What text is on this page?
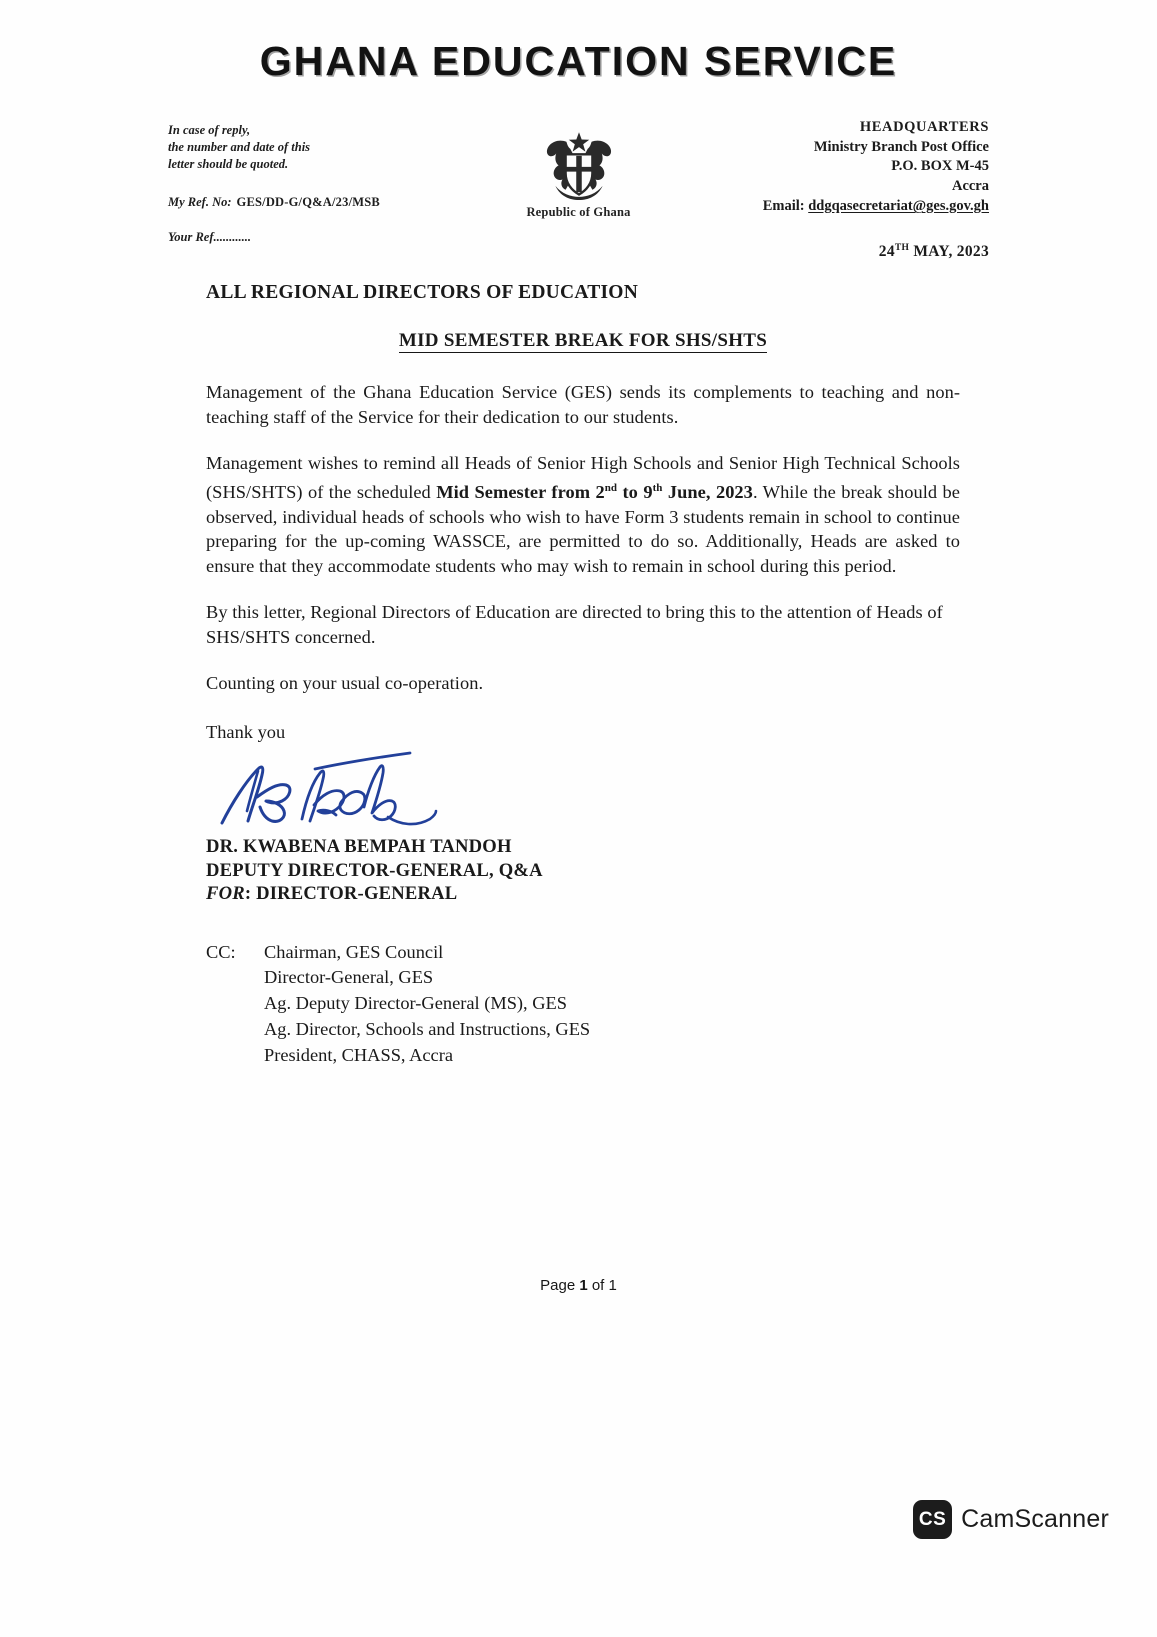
GHANA EDUCATION SERVICE
In case of reply,
the number and date of this
letter should be quoted.
My Ref. No: GES/DD-G/Q&A/23/MSB
Your Ref............
Republic of Ghana
HEADQUARTERS
Ministry Branch Post Office
P.O. BOX M-45
Accra
Email: ddgqasecretariat@ges.gov.gh
24TH MAY, 2023
ALL REGIONAL DIRECTORS OF EDUCATION
MID SEMESTER BREAK FOR SHS/SHTS

Management of the Ghana Education Service (GES) sends its complements to teaching and non-teaching staff of the Service for their dedication to our students.

Management wishes to remind all Heads of Senior High Schools and Senior High Technical Schools (SHS/SHTS) of the scheduled Mid Semester from 2nd to 9th June, 2023. While the break should be observed, individual heads of schools who wish to have Form 3 students remain in school to continue preparing for the up-coming WASSCE, are permitted to do so. Additionally, Heads are asked to ensure that they accommodate students who may wish to remain in school during this period.

By this letter, Regional Directors of Education are directed to bring this to the attention of Heads of SHS/SHTS concerned.

Counting on your usual co-operation.

Thank you

DR. KWABENA BEMPAH TANDOH
DEPUTY DIRECTOR-GENERAL, Q&A
FOR: DIRECTOR-GENERAL
CC:	Chairman, GES Council
Director-General, GES
Ag. Deputy Director-General (MS), GES
Ag. Director, Schools and Instructions, GES
President, CHASS, Accra
Page 1 of 1
CS CamScanner
